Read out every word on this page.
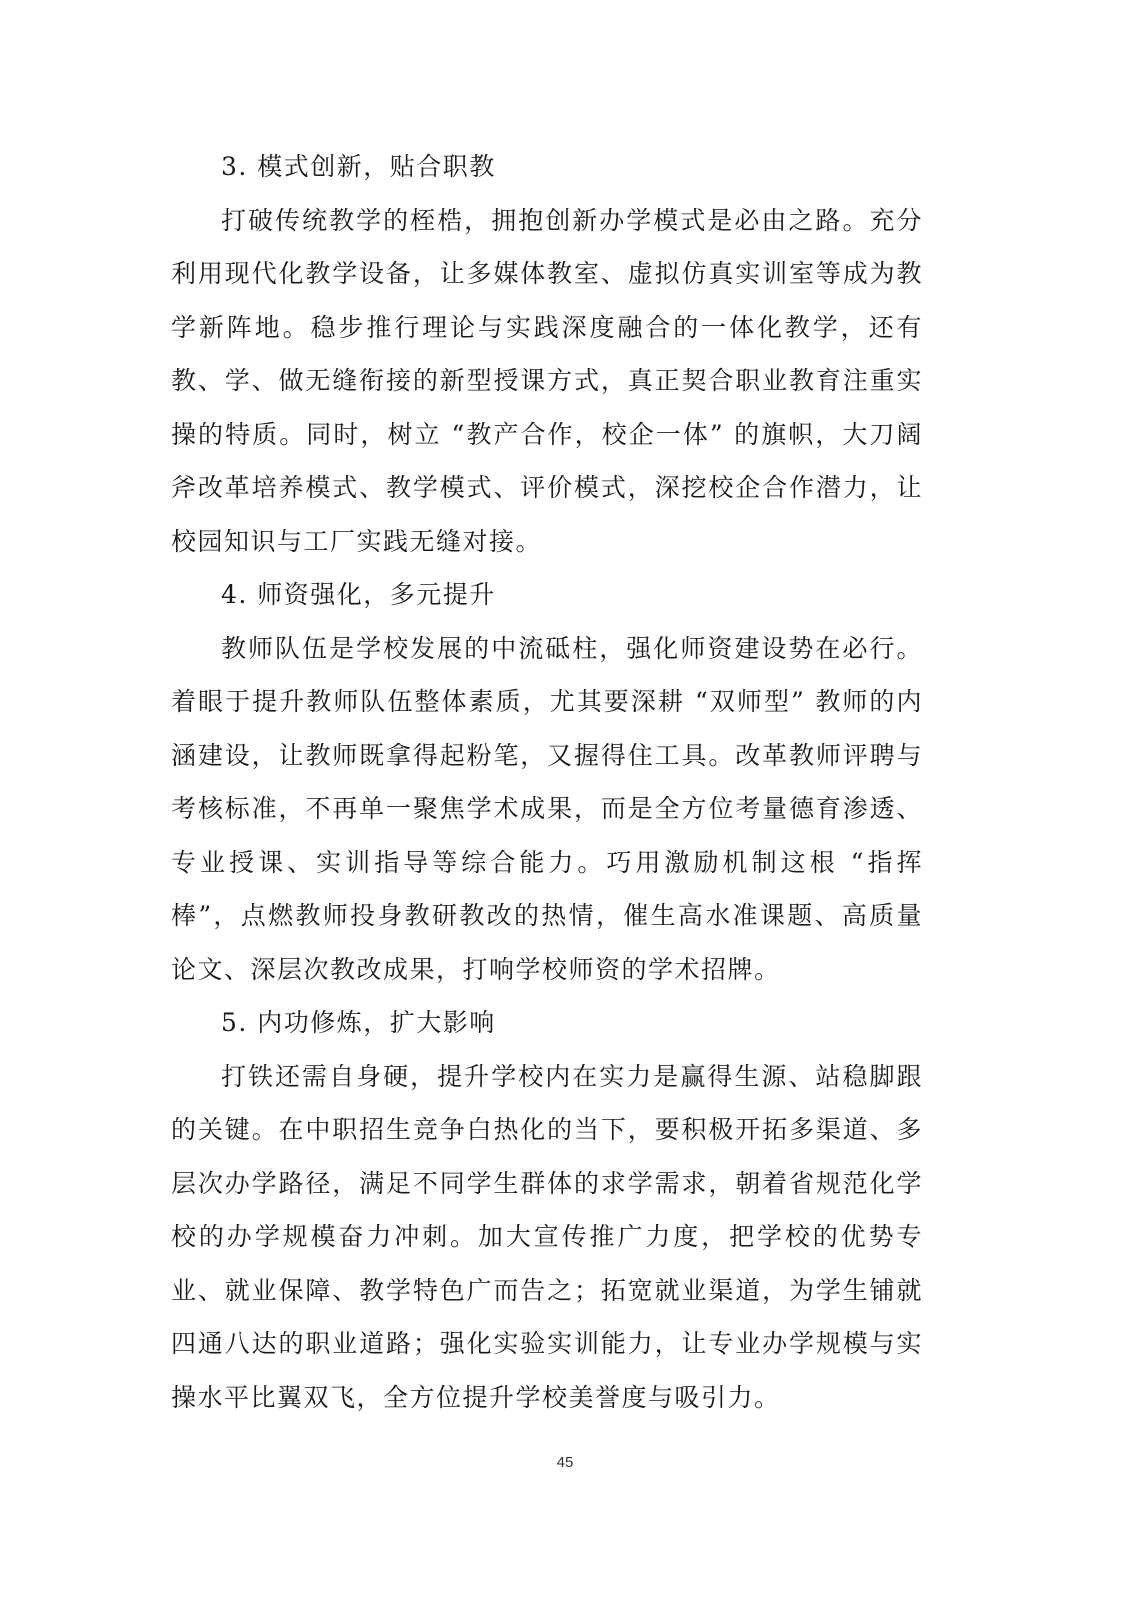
3. 模式创新，贴合职教

打破传统教学的桎梏，拥抱创新办学模式是必由之路。充分利用现代化教学设备，让多媒体教室、虚拟仿真实训室等成为教学新阵地。稳步推行理论与实践深度融合的一体化教学，还有教、学、做无缝衔接的新型授课方式，真正契合职业教育注重实操的特质。同时，树立 “教产合作，校企一体” 的旗帜，大刀阔斧改革培养模式、教学模式、评价模式，深挖校企合作潜力，让校园知识与工厂实践无缝对接。

4. 师资强化，多元提升

教师队伍是学校发展的中流砥柱，强化师资建设势在必行。着眼于提升教师队伍整体素质，尤其要深耕 “双师型” 教师的内涵建设，让教师既拿得起粉笔，又握得住工具。改革教师评聘与考核标准，不再单一聚焦学术成果，而是全方位考量德育渗透、专业授课、实训指导等综合能力。巧用激励机制这根 “指挥棒”，点燃教师投身教研教改的热情，催生高水准课题、高质量论文、深层次教改成果，打响学校师资的学术招牌。

5. 内功修炼，扩大影响

打铁还需自身硬，提升学校内在实力是赢得生源、站稳脚跟的关键。在中职招生竞争白热化的当下，要积极开拓多渠道、多层次办学路径，满足不同学生群体的求学需求，朝着省规范化学校的办学规模奋力冲刺。加大宣传推广力度，把学校的优势专业、就业保障、教学特色广而告之；拓宽就业渠道，为学生铺就四通八达的职业道路；强化实验实训能力，让专业办学规模与实操水平比翼双飞，全方位提升学校美誉度与吸引力。

45
